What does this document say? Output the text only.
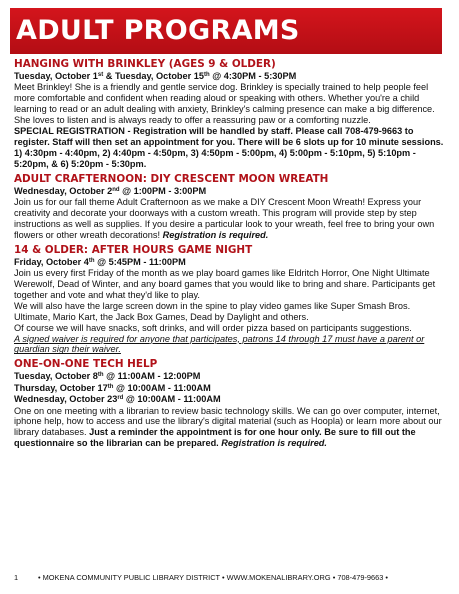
ADULT PROGRAMS
HANGING WITH BRINKLEY (AGES 9 & OLDER)
Tuesday, October 1st & Tuesday, October 15th @ 4:30PM - 5:30PM

Meet Brinkley! She is a friendly and gentle service dog. Brinkley is specially trained to help people feel more comfortable and confident when reading aloud or speaking with others. Whether you're a child learning to read or an adult dealing with anxiety, Brinkley's calming presence can make a big difference. She loves to listen and is always ready to offer a reassuring paw or a comforting nuzzle.

SPECIAL REGISTRATION - Registration will be handled by staff. Please call 708-479-9663 to register. Staff will then set an appointment for you. There will be 6 slots up for 10 minute sessions. 1) 4:30pm - 4:40pm, 2) 4:40pm - 4:50pm, 3) 4:50pm - 5:00pm, 4) 5:00pm - 5:10pm, 5) 5:10pm - 5:20pm, & 6) 5:20pm - 5:30pm.

ADULT CRAFTERNOON: DIY CRESCENT MOON WREATH
Wednesday, October 2nd @ 1:00PM - 3:00PM

Join us for our fall theme Adult Crafternoon as we make a DIY Crescent Moon Wreath! Express your creativity and decorate your doorways with a custom wreath. This program will provide step by step instructions as well as supplies. If you desire a particular look to your wreath, feel free to bring your own flowers or other wreath decorations! Registration is required.

14 & OLDER: AFTER HOURS GAME NIGHT
Friday, October 4th @ 5:45PM - 11:00PM

Join us every first Friday of the month as we play board games like Eldritch Horror, One Night Ultimate Werewolf, Dead of Winter, and any board games that you would like to bring and share. Participants get together and vote and what they'd like to play.

We will also have the large screen down in the spine to play video games like Super Smash Bros. Ultimate, Mario Kart, the Jack Box Games, Dead by Daylight and others.

Of course we will have snacks, soft drinks, and will order pizza based on participants suggestions.

A signed waiver is required for anyone that participates, patrons 14 through 17 must have a parent or guardian sign their waiver.

ONE-ON-ONE TECH HELP
Tuesday, October 8th @ 11:00AM - 12:00PM
Thursday, October 17th @ 10:00AM - 11:00AM
Wednesday, October 23rd @ 10:00AM - 11:00AM

One on one meeting with a librarian to review basic technology skills. We can go over computer, internet, iphone help, how to access and use the library's digital material (such as Hoopla) or learn more about our library databases. Just a reminder the appointment is for one hour only. Be sure to fill out the questionnaire so the librarian can be prepared. Registration is required.

1	• MOKENA COMMUNITY PUBLIC LIBRARY DISTRICT • WWW.MOKENALIBRARY.ORG • 708-479-9663 •
